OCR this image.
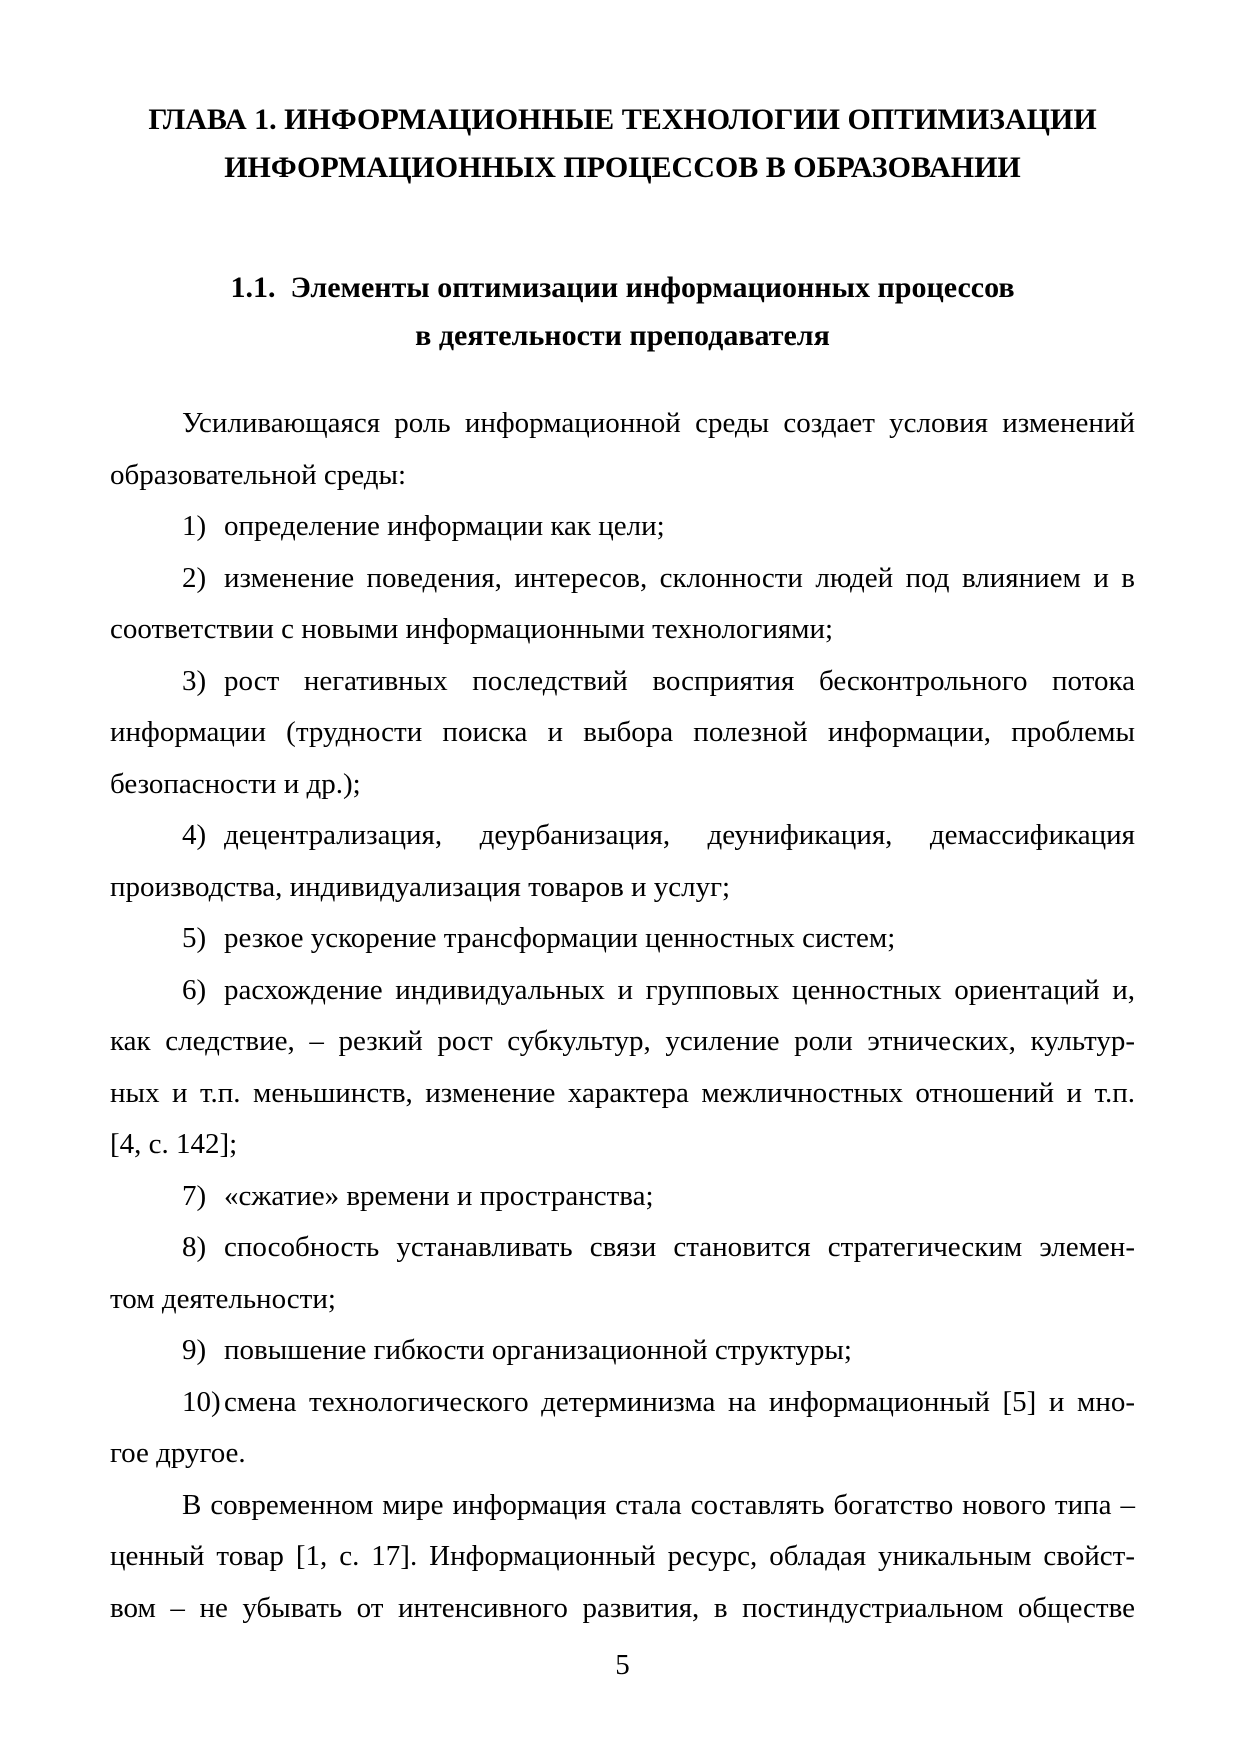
ГЛАВА 1. ИНФОРМАЦИОННЫЕ ТЕХНОЛОГИИ ОПТИМИЗАЦИИ
ИНФОРМАЦИОННЫХ ПРОЦЕССОВ В ОБРАЗОВАНИИ
1.1.  Элементы оптимизации информационных процессов
в деятельности преподавателя
Усиливающаяся роль информационной среды создает условия изменений
образовательной среды:
1) определение информации как цели;
2) изменение поведения, интересов, склонности людей под влиянием и в
соответствии с новыми информационными технологиями;
3) рост негативных последствий восприятия бесконтрольного потока
информации (трудности поиска и выбора полезной информации, проблемы
безопасности и др.);
4) децентрализация, деурбанизация, деунификация, демассификация
производства, индивидуализация товаров и услуг;
5) резкое ускорение трансформации ценностных систем;
6) расхождение индивидуальных и групповых ценностных ориентаций и,
как следствие, – резкий рост субкультур, усиление роли этнических, культур-
ных и т.п. меньшинств, изменение характера межличностных отношений и т.п.
[4, с. 142];
7) «сжатие» времени и пространства;
8) способность устанавливать связи становится стратегическим элемен-
том деятельности;
9) повышение гибкости организационной структуры;
10) смена технологического детерминизма на информационный [5] и мно-
гое другое.
В современном мире информация стала составлять богатство нового типа –
ценный товар [1, с. 17]. Информационный ресурс, обладая уникальным свойст-
вом – не убывать от интенсивного развития, в постиндустриальном обществе
5
